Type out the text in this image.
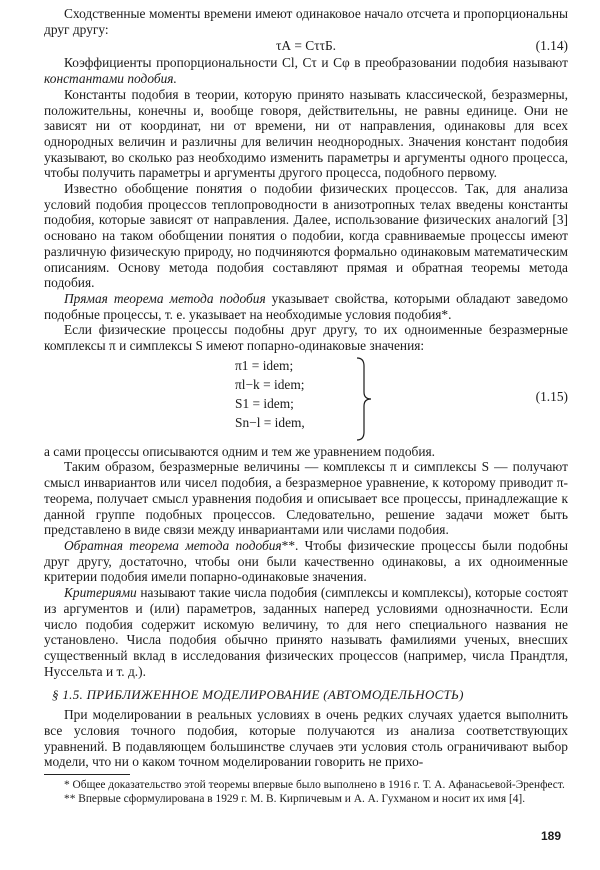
Сходственные моменты времени имеют одинаковое начало отсчета и пропорциональны друг другу:

τА = CττБ.	(1.14)

Коэффициенты пропорциональности Cl, Cτ и Cφ в преобразовании подобия называют константами подобия.

Константы подобия в теории, которую принято называть классической, безразмерны, положительны, конечны и, вообще говоря, действительны, не равны единице. Они не зависят ни от координат, ни от времени, ни от направления, одинаковы для всех однородных величин и различны для величин неоднородных. Значения констант подобия указывают, во сколько раз необходимо изменить параметры и аргументы одного процесса, чтобы получить параметры и аргументы другого процесса, подобного первому.

Известно обобщение понятия о подобии физических процессов. Так, для анализа условий подобия процессов теплопроводности в анизотропных телах введены константы подобия, которые зависят от направления. Далее, использование физических аналогий [3] основано на таком обобщении понятия о подобии, когда сравниваемые процессы имеют различную физическую природу, но подчиняются формально одинаковым математическим описаниям. Основу метода подобия составляют прямая и обратная теоремы метода подобия.

Прямая теорема метода подобия указывает свойства, которыми обладают заведомо подобные процессы, т. е. указывает на необходимые условия подобия*.

Если физические процессы подобны друг другу, то их одноименные безразмерные комплексы π и симплексы S имеют попарно-одинаковые значения:

π1 = idem;
πl−k = idem;
S1 = idem;
Sn−l = idem,
(1.15)

а сами процессы описываются одним и тем же уравнением подобия.

Таким образом, безразмерные величины — комплексы π и симплексы S — получают смысл инвариантов или чисел подобия, а безразмерное уравнение, к которому приводит π-теорема, получает смысл уравнения подобия и описывает все процессы, принадлежащие к данной группе подобных процессов. Следовательно, решение задачи может быть представлено в виде связи между инвариантами или числами подобия.

Обратная теорема метода подобия**. Чтобы физические процессы были подобны друг другу, достаточно, чтобы они были качественно одинаковы, а их одноименные критерии подобия имели попарно-одинаковые значения.

Критериями называют такие числа подобия (симплексы и комплексы), которые состоят из аргументов и (или) параметров, заданных наперед условиями однозначности. Если число подобия содержит искомую величину, то для него специального названия не установлено. Числа подобия обычно принято называть фамилиями ученых, внесших существенный вклад в исследования физических процессов (например, числа Прандтля, Нуссельта и т. д.).

§ 1.5. ПРИБЛИЖЕННОЕ МОДЕЛИРОВАНИЕ (АВТОМОДЕЛЬНОСТЬ)

При моделировании в реальных условиях в очень редких случаях удается выполнить все условия точного подобия, которые получаются из анализа соответствующих уравнений. В подавляющем большинстве случаев эти условия столь ограничивают выбор модели, что ни о каком точном моделировании говорить не прихо-

* Общее доказательство этой теоремы впервые было выполнено в 1916 г. Т. А. Афанасьевой-Эренфест.

** Впервые сформулирована в 1929 г. М. В. Кирпичевым и А. А. Гухманом и носит их имя [4].

189
